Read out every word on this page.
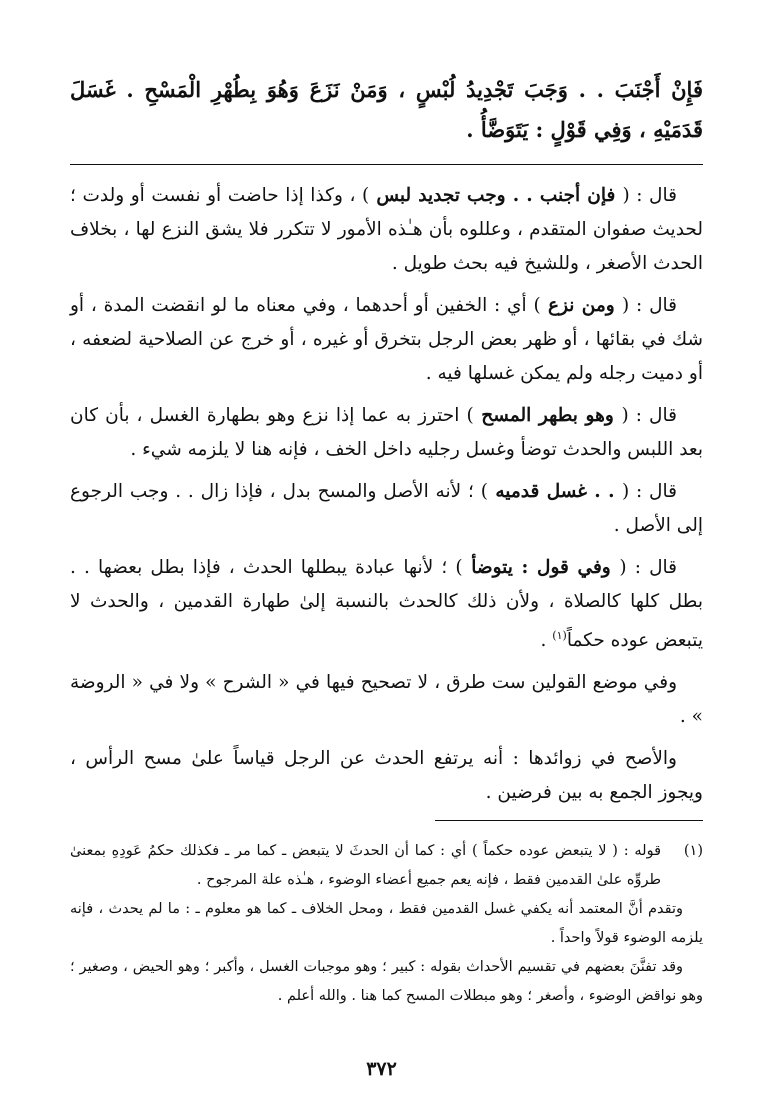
فَإِنْ أَجْنَبَ . . وَجَبَ تَجْدِيدُ لُبْسٍ ، وَمَنْ نَزَعَ وَهُوَ بِطُهْرِ الْمَسْحِ . غَسَلَ قَدَمَيْهِ ، وَفِي قَوْلٍ : يَتَوَضَّأُ .

قال : ( فإن أجنب . . وجب تجديد لبس ) ، وكذا إذا حاضت أو نفست أو ولدت ؛ لحديث صفوان المتقدم ، وعللوه بأن هـٰذه الأمور لا تتكرر فلا يشق النزع لها ، بخلاف الحدث الأصغر ، وللشيخ فيه بحث طويل .

قال : ( ومن نزع ) أي : الخفين أو أحدهما ، وفي معناه ما لو انقضت المدة ، أو شك في بقائها ، أو ظهر بعض الرجل بتخرق أو غيره ، أو خرج عن الصلاحية لضعفه ، أو دميت رجله ولم يمكن غسلها فيه .

قال : ( وهو بطهر المسح ) احترز به عما إذا نزع وهو بطهارة الغسل ، بأن كان بعد اللبس والحدث توضأ وغسل رجليه داخل الخف ، فإنه هنا لا يلزمه شيء .

قال : ( . . غسل قدميه ) ؛ لأنه الأصل والمسح بدل ، فإذا زال . . وجب الرجوع إلى الأصل .

قال : ( وفي قول : يتوضأ ) ؛ لأنها عبادة يبطلها الحدث ، فإذا بطل بعضها . . بطل كلها كالصلاة ، ولأن ذلك كالحدث بالنسبة إلىٰ طهارة القدمين ، والحدث لا يتبعض عوده حكماً$^{(١)}$ .

وفي موضع القولين ست طرق ، لا تصحيح فيها في « الشرح » ولا في « الروضة » .

والأصح في زوائدها : أنه يرتفع الحدث عن الرجل قياساً علىٰ مسح الرأس ، ويجوز الجمع به بين فرضين .

(١)
قوله : ( لا يتبعض عوده حكماً ) أي : كما أن الحدثَ لا يتبعض ـ كما مر ـ فكذلك حكمُ عَودِهِ بمعنىٰ طروِّه علىٰ القدمين فقط ، فإنه يعم جميع أعضاء الوضوء ، هـٰذه علة المرجوح .

وتقدم أنَّ المعتمد أنه يكفي غسل القدمين فقط ، ومحل الخلاف ـ كما هو معلوم ـ : ما لم يحدث ، فإنه يلزمه الوضوء قولاً واحداً .

وقد تفنَّنَ بعضهم في تقسيم الأحداث بقوله : كبير ؛ وهو موجبات الغسل ، وأكبر ؛ وهو الحيض ، وصغير ؛ وهو نواقض الوضوء ، وأصغر ؛ وهو مبطلات المسح كما هنا . والله أعلم .

٣٧٢
